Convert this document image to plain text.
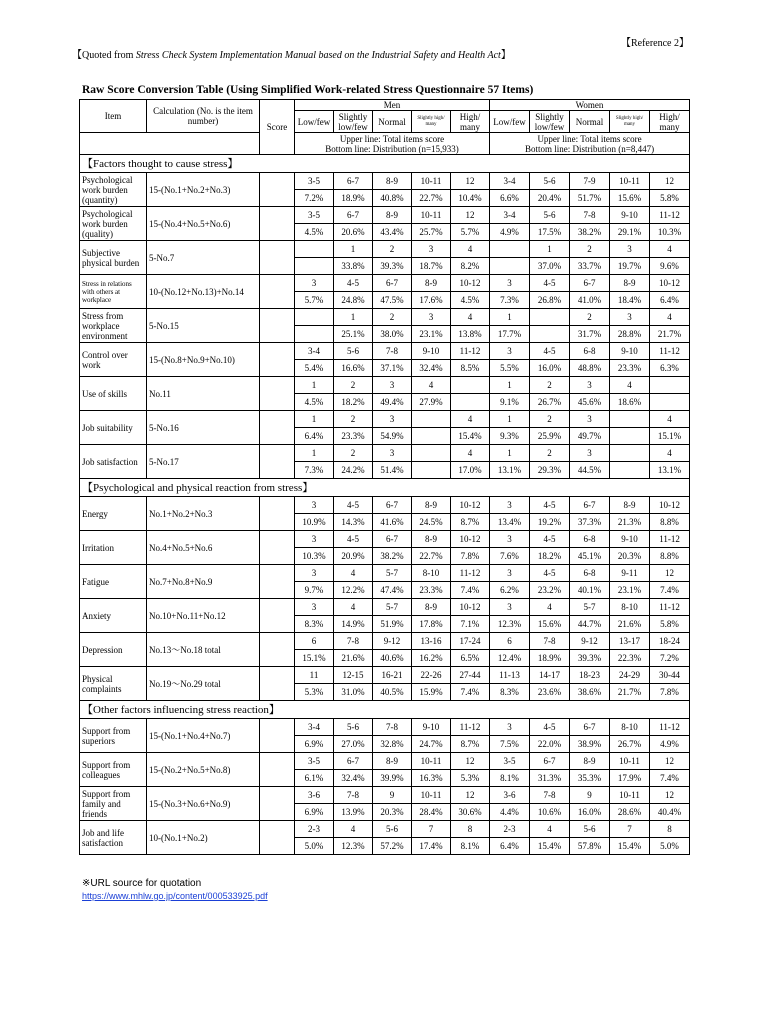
【Reference 2】
【Quoted from Stress Check System Implementation Manual based on the Industrial Safety and Health Act】
Raw Score Conversion Table (Using Simplified Work-related Stress Questionnaire 57 Items)
Item	Calculation (No. is the item number)	Score	Men					Women				
			Low/few	Slightly low/few	Normal	Slightly high/ many	High/ many	Low/few	Slightly low/few	Normal	Slightly high/ many	High/ many
			Upper line: Total items score
Bottom line: Distribution (n=15,933)					Upper line: Total items score
Bottom line: Distribution (n=8,447)				
【Factors thought to cause stress】												
Psychological work burden (quantity)	15-(No.1+No.2+No.3)		3-5	6-7	8-9	10-11	12	3-4	5-6	7-9	10-11	12
			7.2%	18.9%	40.8%	22.7%	10.4%	6.6%	20.4%	51.7%	15.6%	5.8%
Psychological work burden (quality)	15-(No.4+No.5+No.6)		3-5	6-7	8-9	10-11	12	3-4	5-6	7-8	9-10	11-12
			4.5%	20.6%	43.4%	25.7%	5.7%	4.9%	17.5%	38.2%	29.1%	10.3%
Subjective physical burden	5-No.7			1	2	3	4		1	2	3	4
				33.8%	39.3%	18.7%	8.2%		37.0%	33.7%	19.7%	9.6%
Stress in relations with others at workplace	10-(No.12+No.13)+No.14		3	4-5	6-7	8-9	10-12	3	4-5	6-7	8-9	10-12
			5.7%	24.8%	47.5%	17.6%	4.5%	7.3%	26.8%	41.0%	18.4%	6.4%
Stress from workplace environment	5-No.15			1	2	3	4	1		2	3	4
				25.1%	38.0%	23.1%	13.8%	17.7%		31.7%	28.8%	21.7%
Control over work	15-(No.8+No.9+No.10)		3-4	5-6	7-8	9-10	11-12	3	4-5	6-8	9-10	11-12
			5.4%	16.6%	37.1%	32.4%	8.5%	5.5%	16.0%	48.8%	23.3%	6.3%
Use of skills	No.11		1	2	3	4		1	2	3	4	
			4.5%	18.2%	49.4%	27.9%		9.1%	26.7%	45.6%	18.6%	
Job suitability	5-No.16		1	2	3		4	1	2	3		4
			6.4%	23.3%	54.9%		15.4%	9.3%	25.9%	49.7%		15.1%
Job satisfaction	5-No.17		1	2	3		4	1	2	3		4
			7.3%	24.2%	51.4%		17.0%	13.1%	29.3%	44.5%		13.1%
【Psychological and physical reaction from stress】												
Energy	No.1+No.2+No.3		3	4-5	6-7	8-9	10-12	3	4-5	6-7	8-9	10-12
			10.9%	14.3%	41.6%	24.5%	8.7%	13.4%	19.2%	37.3%	21.3%	8.8%
Irritation	No.4+No.5+No.6		3	4-5	6-7	8-9	10-12	3	4-5	6-8	9-10	11-12
			10.3%	20.9%	38.2%	22.7%	7.8%	7.6%	18.2%	45.1%	20.3%	8.8%
Fatigue	No.7+No.8+No.9		3	4	5-7	8-10	11-12	3	4-5	6-8	9-11	12
			9.7%	12.2%	47.4%	23.3%	7.4%	6.2%	23.2%	40.1%	23.1%	7.4%
Anxiety	No.10+No.11+No.12		3	4	5-7	8-9	10-12	3	4	5-7	8-10	11-12
			8.3%	14.9%	51.9%	17.8%	7.1%	12.3%	15.6%	44.7%	21.6%	5.8%
Depression	No.13～No.18 total		6	7-8	9-12	13-16	17-24	6	7-8	9-12	13-17	18-24
			15.1%	21.6%	40.6%	16.2%	6.5%	12.4%	18.9%	39.3%	22.3%	7.2%
Physical complaints	No.19～No.29 total		11	12-15	16-21	22-26	27-44	11-13	14-17	18-23	24-29	30-44
			5.3%	31.0%	40.5%	15.9%	7.4%	8.3%	23.6%	38.6%	21.7%	7.8%
【Other factors influencing stress reaction】												
Support from superiors	15-(No.1+No.4+No.7)		3-4	5-6	7-8	9-10	11-12	3	4-5	6-7	8-10	11-12
			6.9%	27.0%	32.8%	24.7%	8.7%	7.5%	22.0%	38.9%	26.7%	4.9%
Support from colleagues	15-(No.2+No.5+No.8)		3-5	6-7	8-9	10-11	12	3-5	6-7	8-9	10-11	12
			6.1%	32.4%	39.9%	16.3%	5.3%	8.1%	31.3%	35.3%	17.9%	7.4%
Support from family and friends	15-(No.3+No.6+No.9)		3-6	7-8	9	10-11	12	3-6	7-8	9	10-11	12
			6.9%	13.9%	20.3%	28.4%	30.6%	4.4%	10.6%	16.0%	28.6%	40.4%
Job and life satisfaction	10-(No.1+No.2)		2-3	4	5-6	7	8	2-3	4	5-6	7	8
			5.0%	12.3%	57.2%	17.4%	8.1%	6.4%	15.4%	57.8%	15.4%	5.0%
※URL source for quotation
https://www.mhlw.go.jp/content/000533925.pdf
